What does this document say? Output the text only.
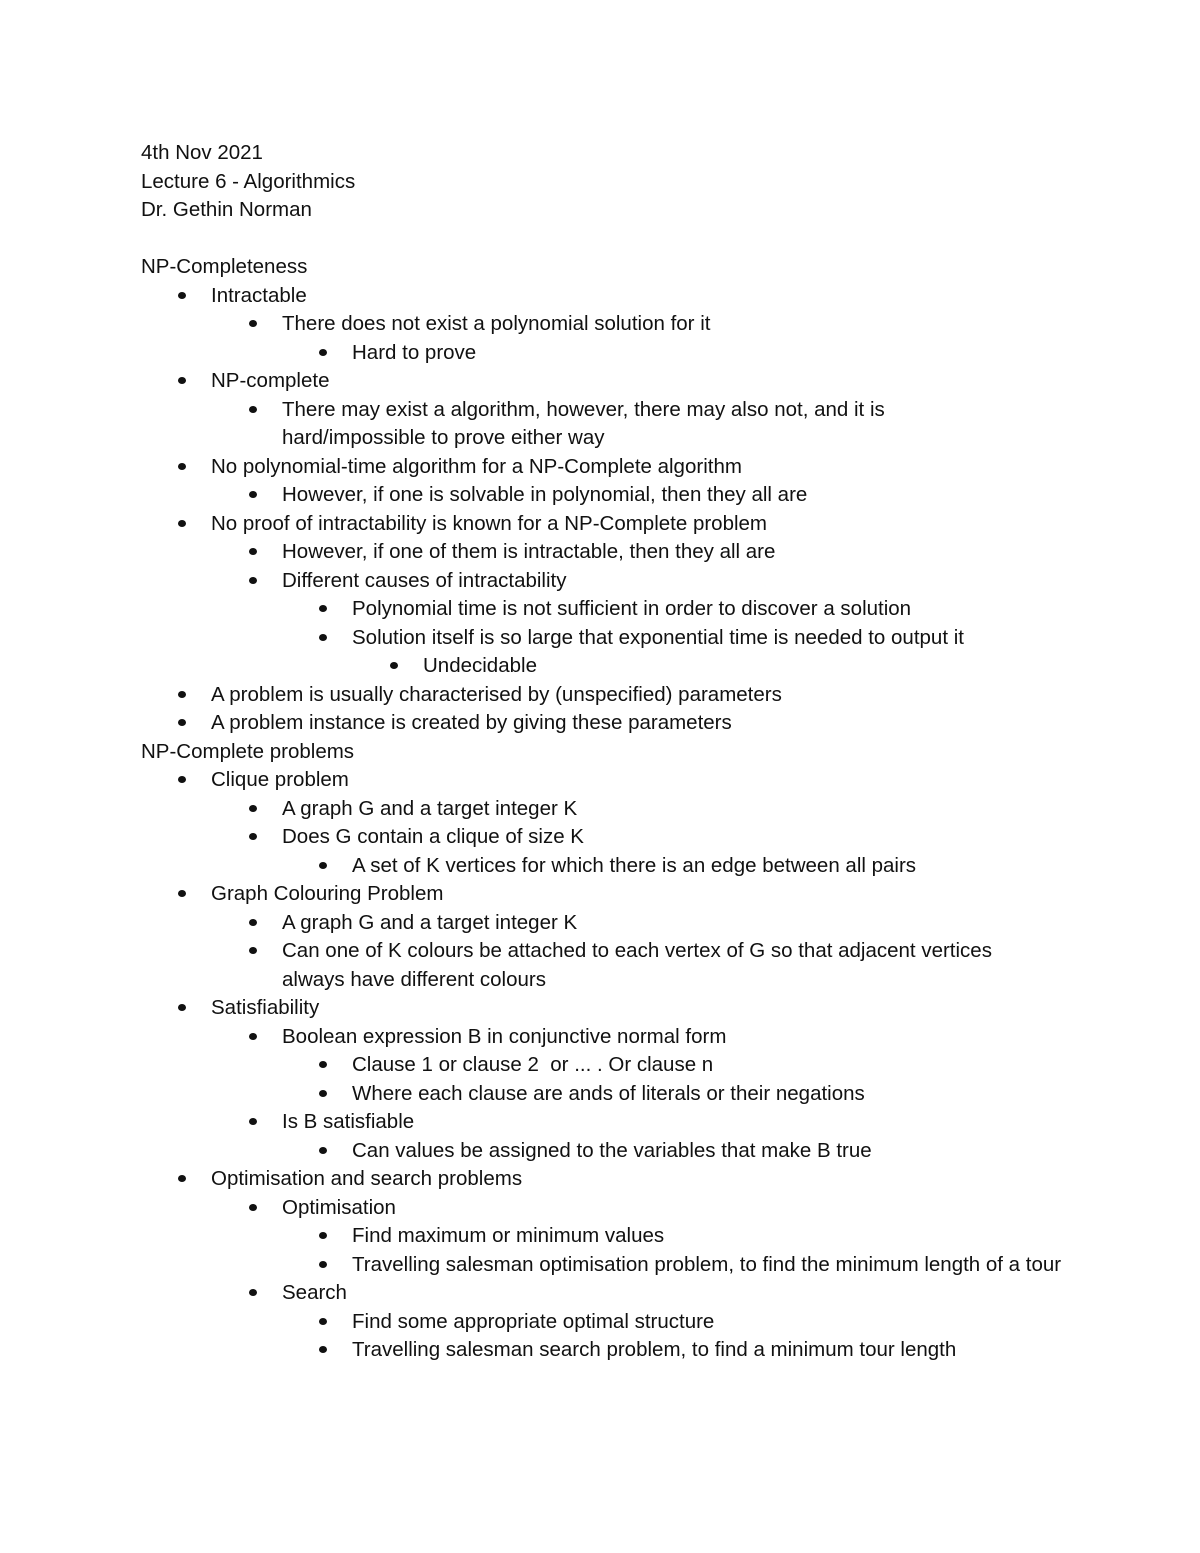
4th Nov 2021

Lecture 6 - Algorithmics

Dr. Gethin Norman

NP-Completeness

Intractable
There does not exist a polynomial solution for it
Hard to prove
NP-complete
There may exist a algorithm, however, there may also not, and it is hard/impossible to prove either way
No polynomial-time algorithm for a NP-Complete algorithm
However, if one is solvable in polynomial, then they all are
No proof of intractability is known for a NP-Complete problem
However, if one of them is intractable, then they all are
Different causes of intractability
Polynomial time is not sufficient in order to discover a solution
Solution itself is so large that exponential time is needed to output it
Undecidable
A problem is usually characterised by (unspecified) parameters
A problem instance is created by giving these parameters

NP-Complete problems

Clique problem
A graph G and a target integer K
Does G contain a clique of size K
A set of K vertices for which there is an edge between all pairs
Graph Colouring Problem
A graph G and a target integer K
Can one of K colours be attached to each vertex of G so that adjacent vertices always have different colours
Satisfiability
Boolean expression B in conjunctive normal form
Clause 1 or clause 2  or ... . Or clause n
Where each clause are ands of literals or their negations
Is B satisfiable
Can values be assigned to the variables that make B true
Optimisation and search problems
Optimisation
Find maximum or minimum values
Travelling salesman optimisation problem, to find the minimum length of a tour
Search
Find some appropriate optimal structure
Travelling salesman search problem, to find a minimum tour length
